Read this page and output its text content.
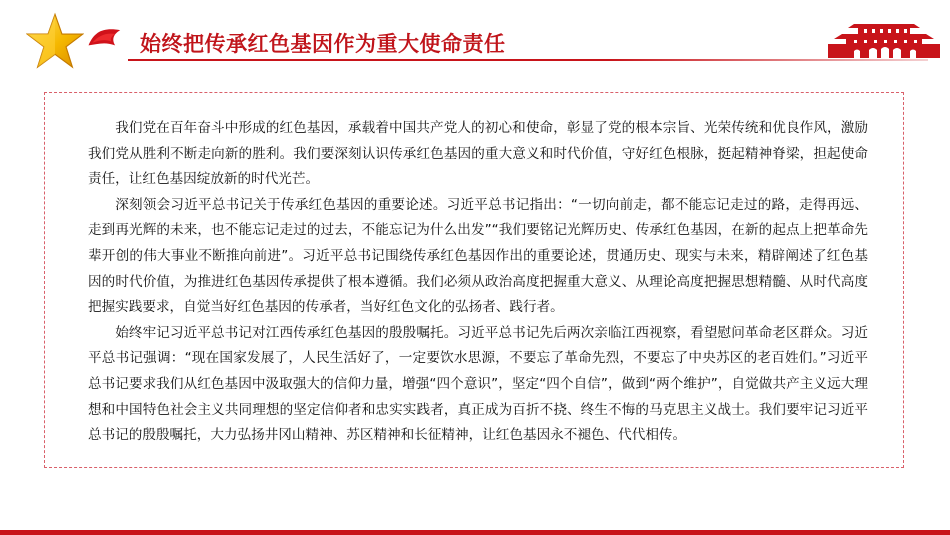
始终把传承红色基因作为重大使命责任

我们党在百年奋斗中形成的红色基因，承载着中国共产党人的初心和使命，彰显了党的根本宗旨、光荣传统和优良作风，激励我们党从胜利不断走向新的胜利。我们要深刻认识传承红色基因的重大意义和时代价值，守好红色根脉，挺起精神脊梁，担起使命责任，让红色基因绽放新的时代光芒。

深刻领会习近平总书记关于传承红色基因的重要论述。习近平总书记指出：“一切向前走，都不能忘记走过的路，走得再远、走到再光辉的未来，也不能忘记走过的过去，不能忘记为什么出发”“我们要铭记光辉历史、传承红色基因，在新的起点上把革命先辈开创的伟大事业不断推向前进”。习近平总书记围绕传承红色基因作出的重要论述，贯通历史、现实与未来，精辟阐述了红色基因的时代价值，为推进红色基因传承提供了根本遵循。我们必须从政治高度把握重大意义、从理论高度把握思想精髓、从时代高度把握实践要求，自觉当好红色基因的传承者，当好红色文化的弘扬者、践行者。

始终牢记习近平总书记对江西传承红色基因的殷殷嘱托。习近平总书记先后两次亲临江西视察，看望慰问革命老区群众。习近平总书记强调：“现在国家发展了，人民生活好了，一定要饮水思源，不要忘了革命先烈，不要忘了中央苏区的老百姓们。”习近平总书记要求我们从红色基因中汲取强大的信仰力量，增强“四个意识”，坚定“四个自信”，做到“两个维护”，自觉做共产主义远大理想和中国特色社会主义共同理想的坚定信仰者和忠实实践者，真正成为百折不挠、终生不悔的马克思主义战士。我们要牢记习近平总书记的殷殷嘱托，大力弘扬井冈山精神、苏区精神和长征精神，让红色基因永不褪色、代代相传。
